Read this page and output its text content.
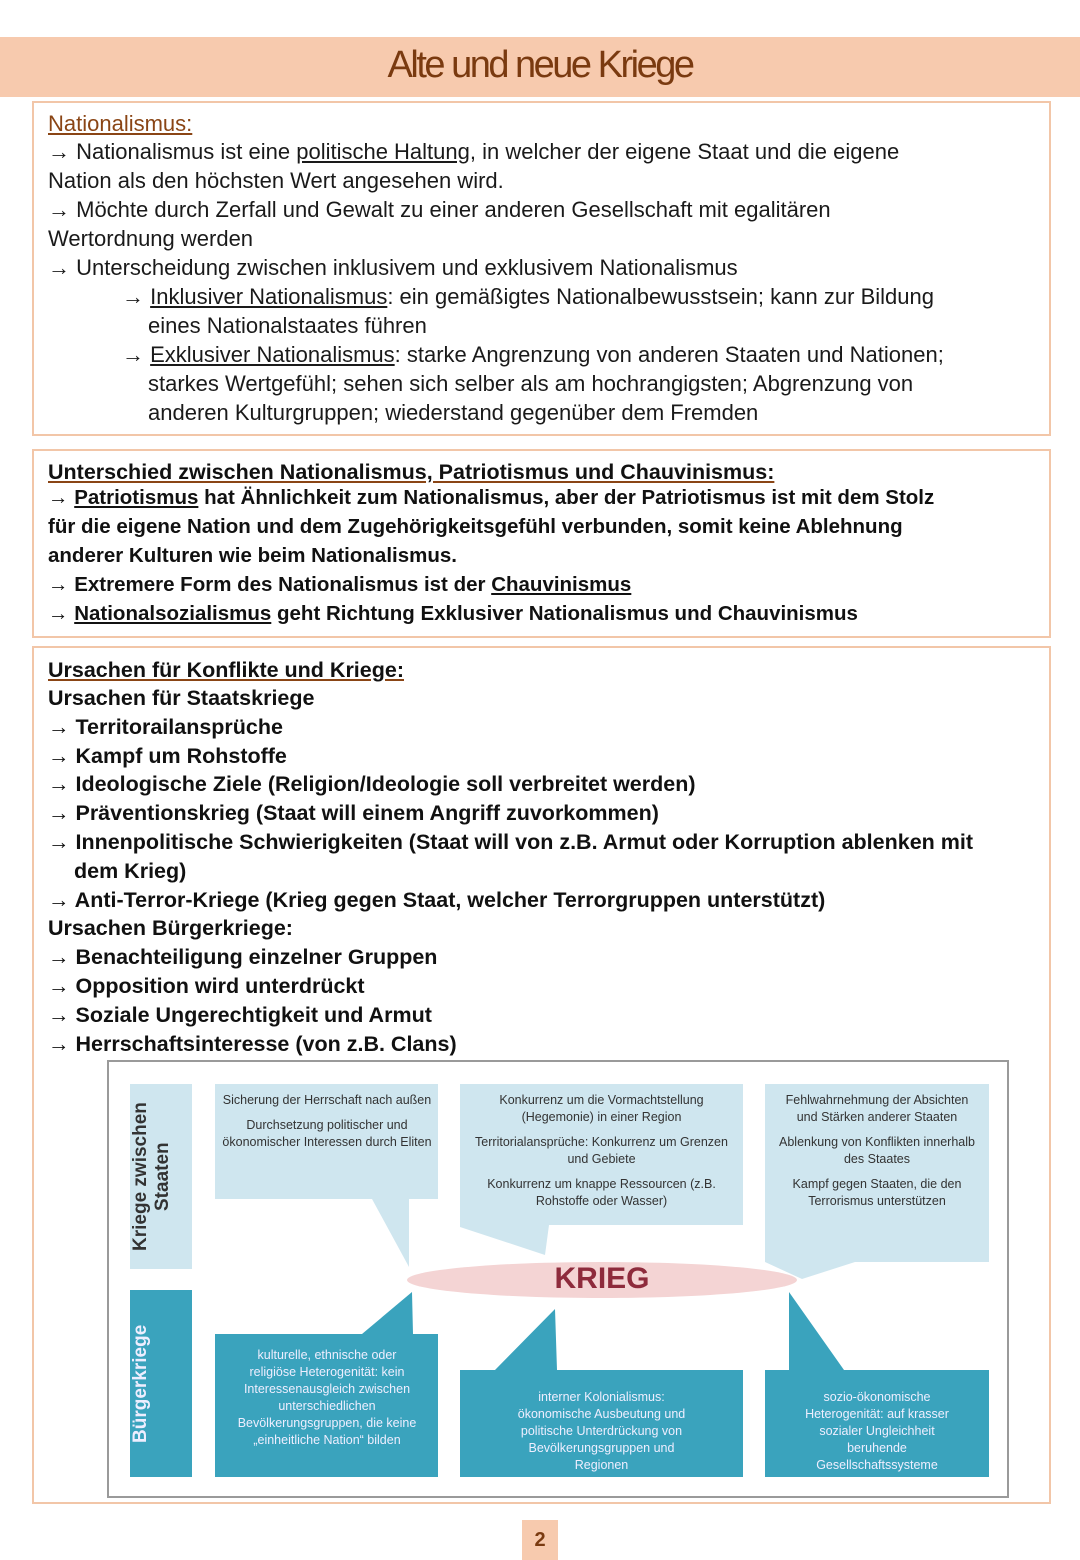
Alte und neue Kriege
Nationalismus:
→ Nationalismus ist eine politische Haltung, in welcher der eigene Staat und die eigene
Nation als den höchsten Wert angesehen wird.
→ Möchte durch Zerfall und Gewalt zu einer anderen Gesellschaft mit egalitären
Wertordnung werden
→ Unterscheidung zwischen inklusivem und exklusivem Nationalismus
→ Inklusiver Nationalismus: ein gemäßigtes Nationalbewusstsein; kann zur Bildung
eines Nationalstaates führen
→ Exklusiver Nationalismus: starke Angrenzung von anderen Staaten und Nationen;
starkes Wertgefühl; sehen sich selber als am hochrangigsten; Abgrenzung von
anderen Kulturgruppen; wiederstand gegenüber dem Fremden
Unterschied zwischen Nationalismus, Patriotismus und Chauvinismus:
→ Patriotismus hat Ähnlichkeit zum Nationalismus, aber der Patriotismus ist mit dem Stolz
für die eigene Nation und dem Zugehörigkeitsgefühl verbunden, somit keine Ablehnung
anderer Kulturen wie beim Nationalismus.
→ Extremere Form des Nationalismus ist der Chauvinismus
→ Nationalsozialismus geht Richtung Exklusiver Nationalismus und Chauvinismus
Ursachen für Konflikte und Kriege:
Ursachen für Staatskriege
→ Territorailansprüche
→ Kampf um Rohstoffe
→ Ideologische Ziele (Religion/Ideologie soll verbreitet werden)
→ Präventionskrieg (Staat will einem Angriff zuvorkommen)
→ Innenpolitische Schwierigkeiten (Staat will von z.B. Armut oder Korruption ablenken mit
dem Krieg)
→ Anti-Terror-Kriege (Krieg gegen Staat, welcher Terrorgruppen unterstützt)
Ursachen Bürgerkriege:
→ Benachteiligung einzelner Gruppen
→ Opposition wird unterdrückt
→ Soziale Ungerechtigkeit und Armut
→ Herrschaftsinteresse (von z.B. Clans)
Kriege zwischen Staaten
Bürgerkriege
KRIEG

Sicherung der Herrschaft nach außen

Durchsetzung politischer und ökonomischer Interessen durch Eliten

Konkurrenz um die Vormachtstellung (Hegemonie) in einer Region

Territorialansprüche: Konkurrenz um Grenzen und Gebiete

Konkurrenz um knappe Ressourcen (z.B. Rohstoffe oder Wasser)

Fehlwahrnehmung der Absichten und Stärken anderer Staaten

Ablenkung von Konflikten innerhalb des Staates

Kampf gegen Staaten, die den Terrorismus unterstützen

kulturelle, ethnische oder religiöse Heterogenität: kein Interessenausgleich zwischen unterschiedlichen Bevölkerungsgruppen, die keine „einheitliche Nation“ bilden
interner Kolonialismus: ökonomische Ausbeutung und politische Unterdrückung von Bevölkerungsgruppen und Regionen
sozio-ökonomische Heterogenität: auf krasser sozialer Ungleichheit beruhende Gesellschaftssysteme
2
